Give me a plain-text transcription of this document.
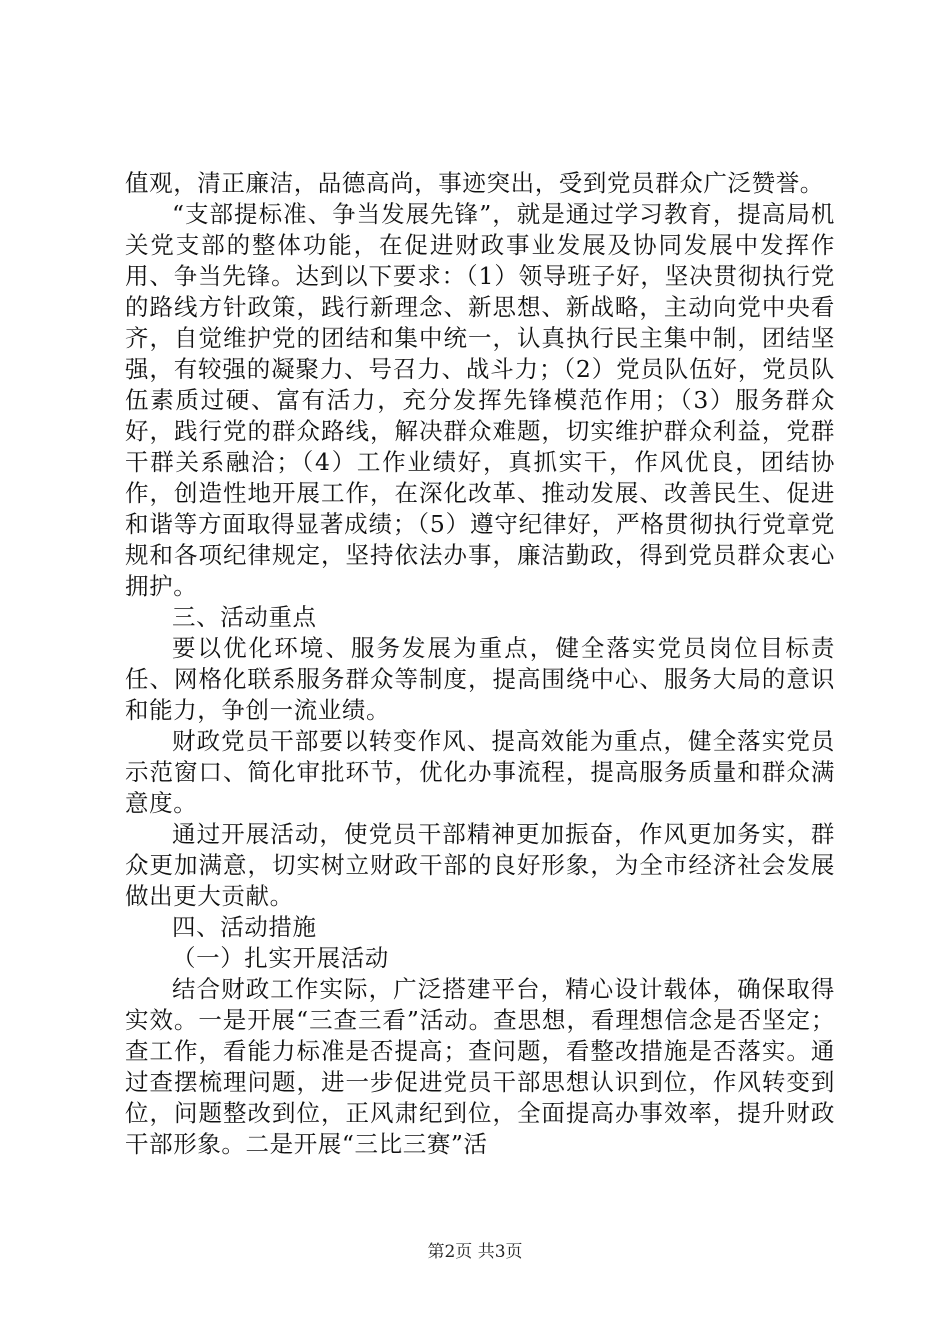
值观，清正廉洁，品德高尚，事迹突出，受到党员群众广泛赞誉。

“支部提标准、争当发展先锋”，就是通过学习教育，提高局机关党支部的整体功能，在促进财政事业发展及协同发展中发挥作用、争当先锋。达到以下要求：（1）领导班子好，坚决贯彻执行党的路线方针政策，践行新理念、新思想、新战略，主动向党中央看齐，自觉维护党的团结和集中统一，认真执行民主集中制，团结坚强，有较强的凝聚力、号召力、战斗力；（2）党员队伍好，党员队伍素质过硬、富有活力，充分发挥先锋模范作用；（3）服务群众好，践行党的群众路线，解决群众难题，切实维护群众利益，党群干群关系融洽；（4）工作业绩好，真抓实干，作风优良，团结协作，创造性地开展工作，在深化改革、推动发展、改善民生、促进和谐等方面取得显著成绩；（5）遵守纪律好，严格贯彻执行党章党规和各项纪律规定，坚持依法办事，廉洁勤政，得到党员群众衷心拥护。

三、活动重点

要以优化环境、服务发展为重点，健全落实党员岗位目标责任、网格化联系服务群众等制度，提高围绕中心、服务大局的意识和能力，争创一流业绩。

财政党员干部要以转变作风、提高效能为重点，健全落实党员示范窗口、简化审批环节，优化办事流程，提高服务质量和群众满意度。

通过开展活动，使党员干部精神更加振奋，作风更加务实，群众更加满意，切实树立财政干部的良好形象，为全市经济社会发展做出更大贡献。

四、活动措施

（一）扎实开展活动

结合财政工作实际，广泛搭建平台，精心设计载体，确保取得实效。一是开展“三查三看”活动。查思想，看理想信念是否坚定；查工作，看能力标准是否提高；查问题，看整改措施是否落实。通过查摆梳理问题，进一步促进党员干部思想认识到位，作风转变到位，问题整改到位，正风肃纪到位，全面提高办事效率，提升财政干部形象。二是开展“三比三赛”活

第2页 共3页
